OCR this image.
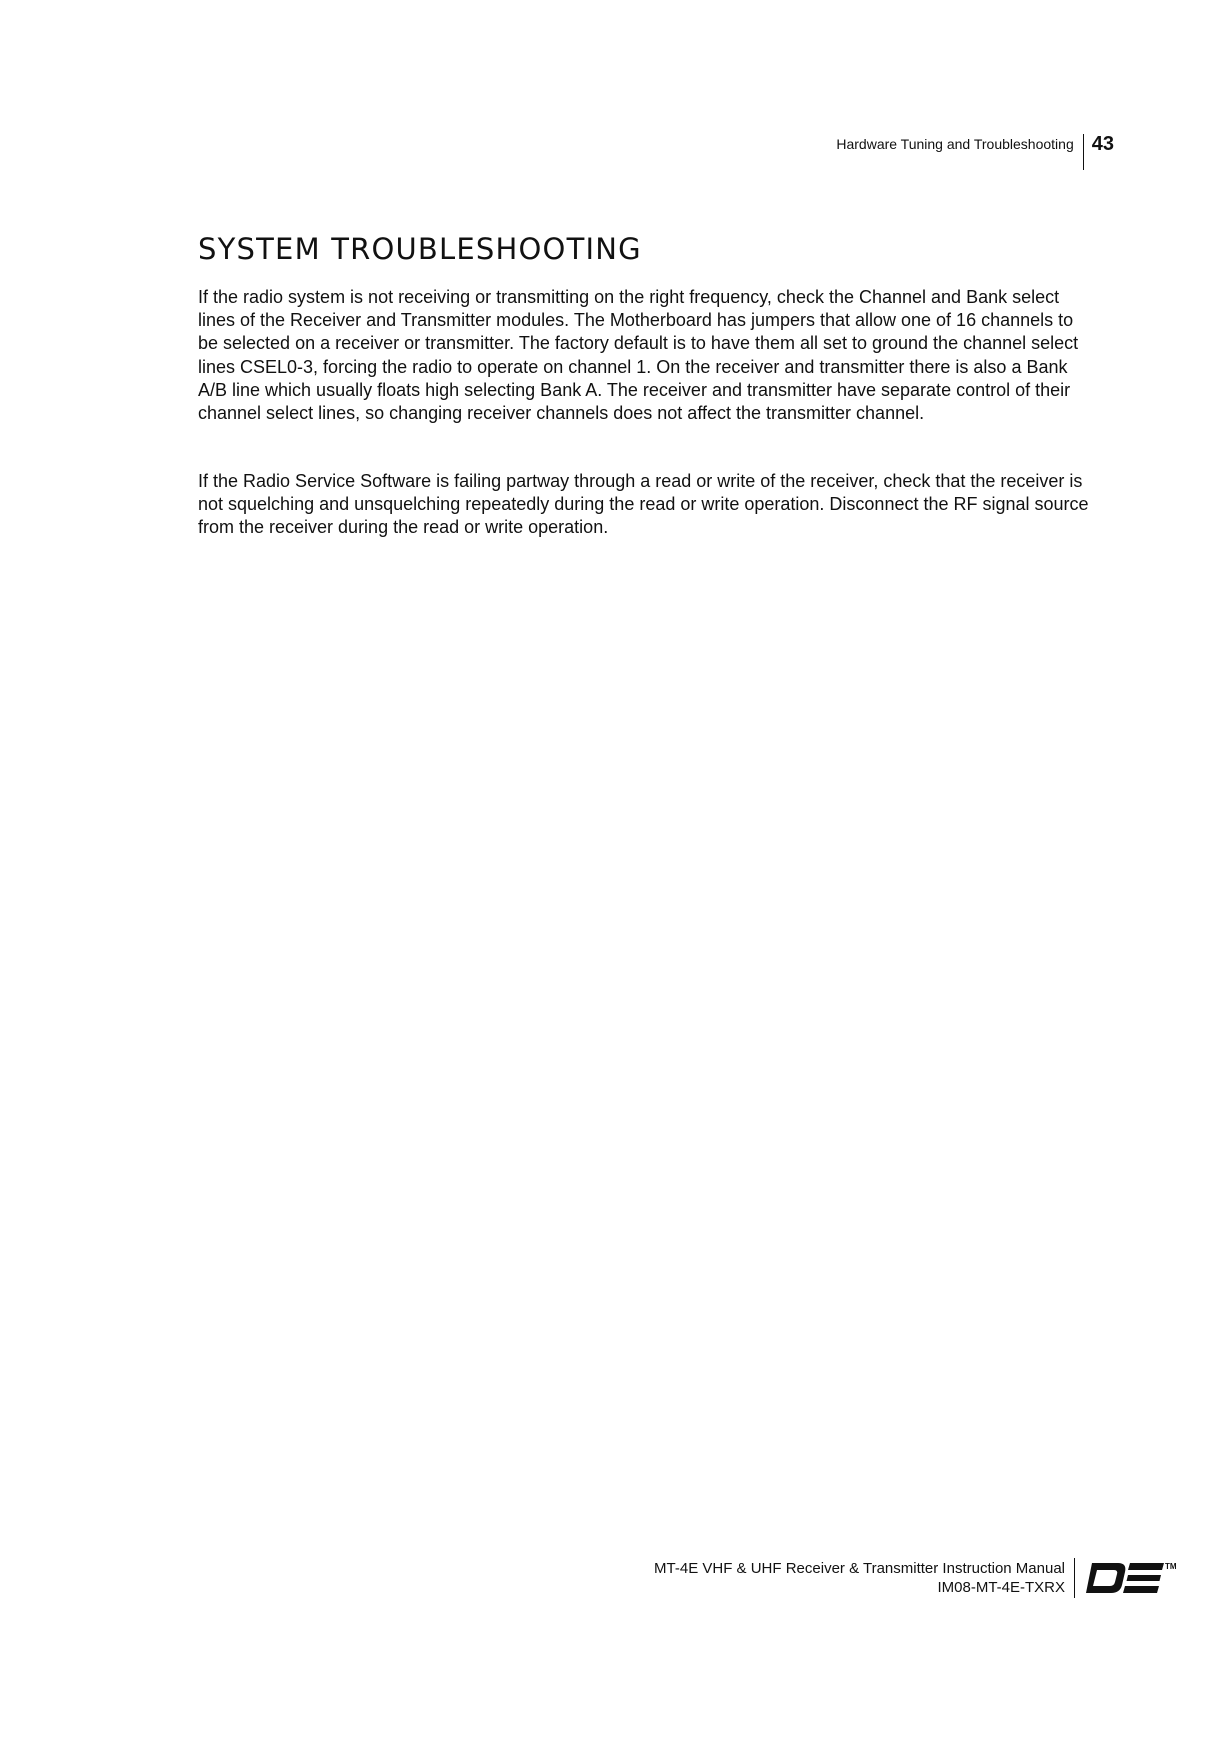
Hardware Tuning and Troubleshooting 43
SYSTEM TROUBLESHOOTING

If the radio system is not receiving or transmitting on the right frequency, check the Channel and Bank select lines of the Receiver and Transmitter modules. The Motherboard has jumpers that allow one of 16 channels to be selected on a receiver or transmitter. The factory default is to have them all set to ground the channel select lines CSEL0-3, forcing the radio to operate on channel 1. On the receiver and transmitter there is also a Bank A/B line which usually floats high selecting Bank A. The receiver and transmitter have separate control of their channel select lines, so changing receiver channels does not affect the transmitter channel.

If the Radio Service Software is failing partway through a read or write of the receiver, check that the receiver is not squelching and unsquelching repeatedly during the read or write operation. Disconnect the RF signal source from the receiver during the read or write operation.

MT-4E VHF & UHF Receiver & Transmitter Instruction Manual
IM08-MT-4E-TXRX
TM
